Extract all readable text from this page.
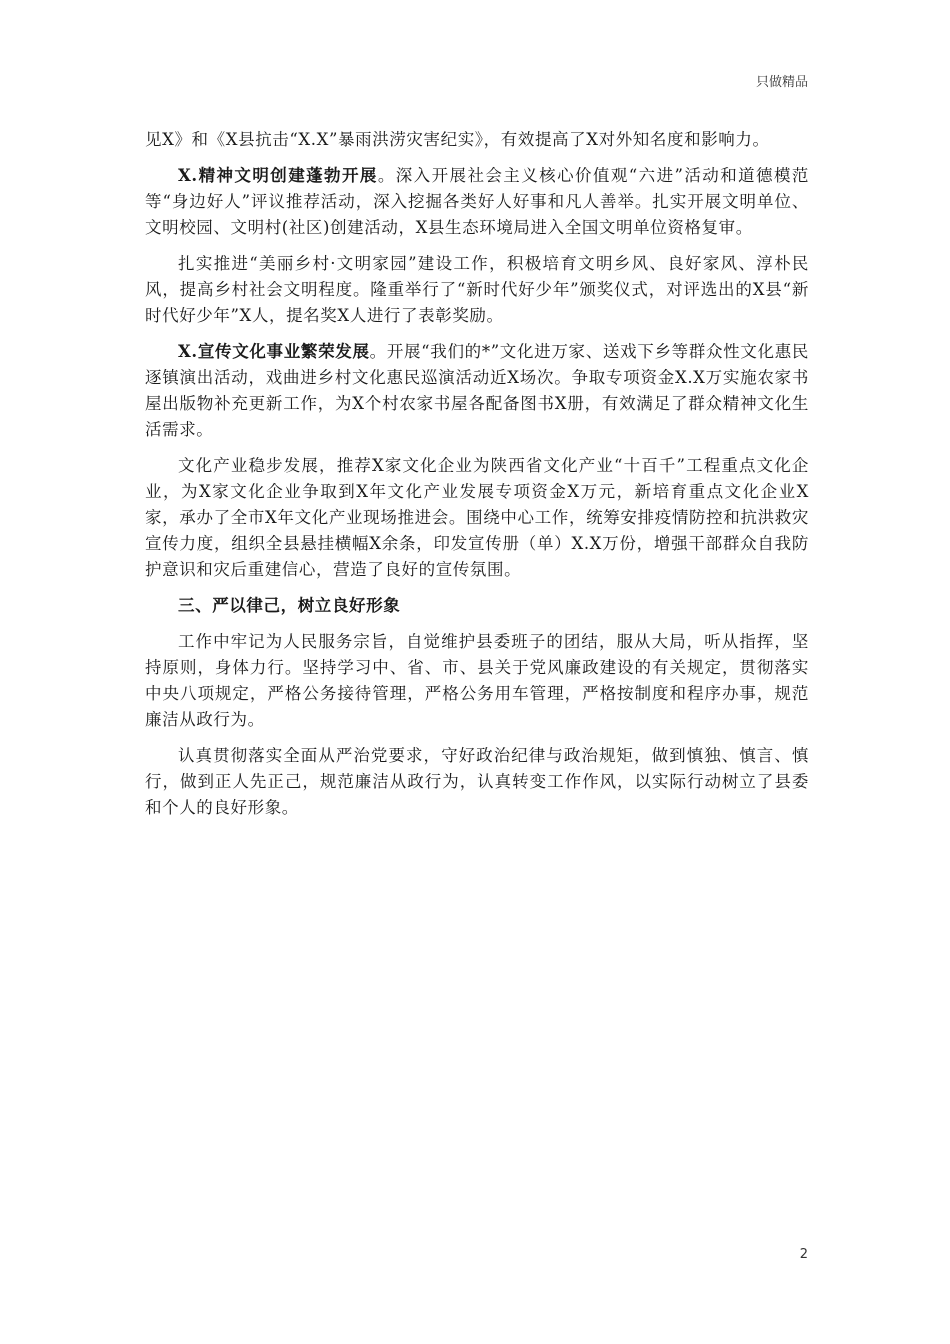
只做精品

见X》和《X县抗击“X.X”暴雨洪涝灾害纪实》，有效提高了X对外知名度和影响力。

X.精神文明创建蓬勃开展。深入开展社会主义核心价值观“六进”活动和道德模范等“身边好人”评议推荐活动，深入挖掘各类好人好事和凡人善举。扎实开展文明单位、文明校园、文明村(社区)创建活动，X县生态环境局进入全国文明单位资格复审。

扎实推进“美丽乡村·文明家园”建设工作，积极培育文明乡风、良好家风、淳朴民风，提高乡村社会文明程度。隆重举行了“新时代好少年”颁奖仪式，对评选出的X县“新时代好少年”X人，提名奖X人进行了表彰奖励。

X.宣传文化事业繁荣发展。开展“我们的*”文化进万家、送戏下乡等群众性文化惠民逐镇演出活动，戏曲进乡村文化惠民巡演活动近X场次。争取专项资金X.X万实施农家书屋出版物补充更新工作，为X个村农家书屋各配备图书X册，有效满足了群众精神文化生活需求。

文化产业稳步发展，推荐X家文化企业为陕西省文化产业“十百千”工程重点文化企业，为X家文化企业争取到X年文化产业发展专项资金X万元，新培育重点文化企业X家，承办了全市X年文化产业现场推进会。围绕中心工作，统筹安排疫情防控和抗洪救灾宣传力度，组织全县悬挂横幅X余条，印发宣传册（单）X.X万份，增强干部群众自我防护意识和灾后重建信心，营造了良好的宣传氛围。

三、严以律己，树立良好形象

工作中牢记为人民服务宗旨，自觉维护县委班子的团结，服从大局，听从指挥，坚持原则，身体力行。坚持学习中、省、市、县关于党风廉政建设的有关规定，贯彻落实中央八项规定，严格公务接待管理，严格公务用车管理，严格按制度和程序办事，规范廉洁从政行为。

认真贯彻落实全面从严治党要求，守好政治纪律与政治规矩，做到慎独、慎言、慎行，做到正人先正己，规范廉洁从政行为，认真转变工作作风，以实际行动树立了县委和个人的良好形象。

2
